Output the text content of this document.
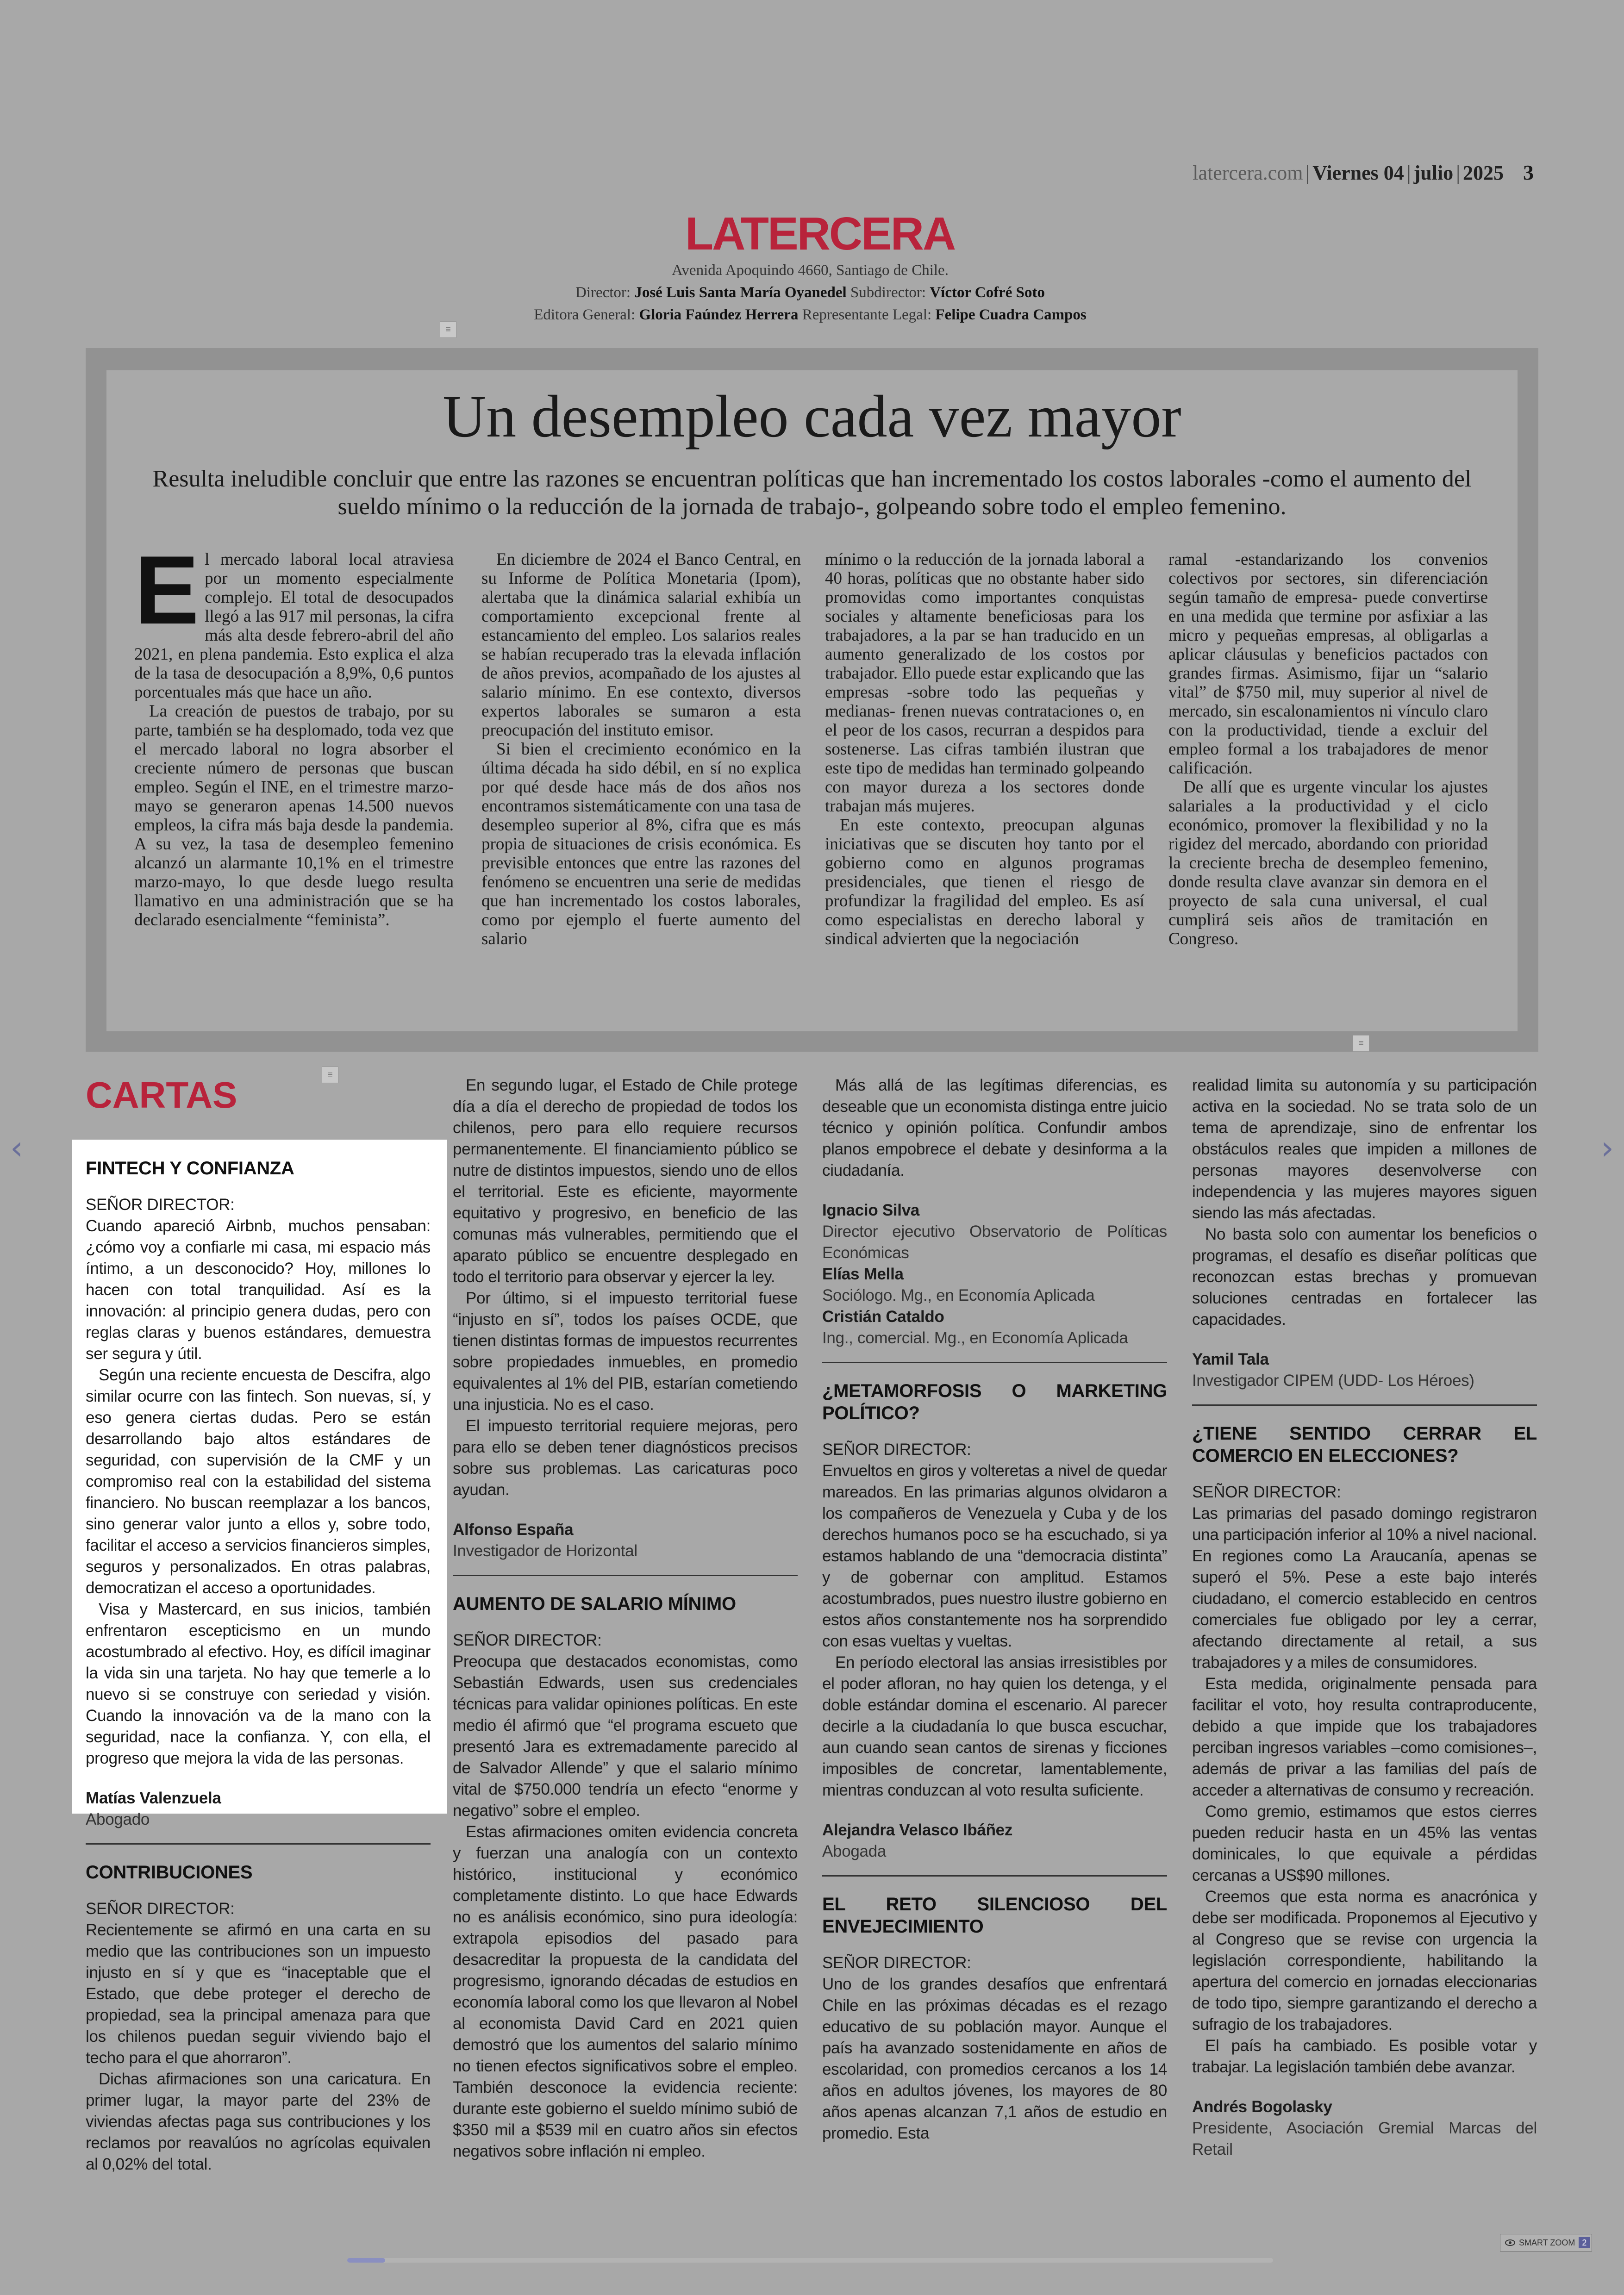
latercera.com | Viernes 04 | julio | 2025 3
LATERCERA
Avenida Apoquindo 4660, Santiago de Chile.
Director: José Luis Santa María Oyanedel Subdirector: Víctor Cofré Soto
Editora General: Gloria Faúndez Herrera Representante Legal: Felipe Cuadra Campos
≡
Un desempleo cada vez mayor
Resulta ineludible concluir que entre las razones se encuentran políticas que han incrementado los costos laborales -como el aumento del sueldo mínimo o la reducción de la jornada de trabajo-, golpeando sobre todo el empleo femenino.
E l mercado laboral local atraviesa por un momento especialmente complejo. El total de desocupados llegó a las 917 mil personas, la cifra más alta desde febrero-abril del año 2021, en plena pandemia. Esto explica el alza de la tasa de desocupación a 8,9%, 0,6 puntos porcentuales más que hace un año.

La creación de puestos de trabajo, por su parte, también se ha desplomado, toda vez que el mercado laboral no logra absorber el creciente número de personas que buscan empleo. Según el INE, en el trimestre marzo-mayo se generaron apenas 14.500 nuevos empleos, la cifra más baja desde la pandemia. A su vez, la tasa de desempleo femenino alcanzó un alarmante 10,1% en el trimestre marzo-mayo, lo que desde luego resulta llamativo en una administración que se ha declarado esencialmente “feminista”.

En diciembre de 2024 el Banco Central, en su Informe de Política Monetaria (Ipom), alertaba que la dinámica salarial exhibía un comportamiento excepcional frente al estancamiento del empleo. Los salarios reales se habían recuperado tras la elevada inflación de años previos, acompañado de los ajustes al salario mínimo. En ese contexto, diversos expertos laborales se sumaron a esta preocupación del instituto emisor.

Si bien el crecimiento económico en la última década ha sido débil, en sí no explica por qué desde hace más de dos años nos encontramos sistemáticamente con una tasa de desempleo superior al 8%, cifra que es más propia de situaciones de crisis económica. Es previsible entonces que entre las razones del fenómeno se encuentren una serie de medidas que han incrementado los costos laborales, como por ejemplo el fuerte aumento del salario

mínimo o la reducción de la jornada laboral a 40 horas, políticas que no obstante haber sido promovidas como importantes conquistas sociales y altamente beneficiosas para los trabajadores, a la par se han traducido en un aumento generalizado de los costos por trabajador. Ello puede estar explicando que las empresas -sobre todo las pequeñas y medianas- frenen nuevas contrataciones o, en el peor de los casos, recurran a despidos para sostenerse. Las cifras también ilustran que este tipo de medidas han terminado golpeando con mayor dureza a los sectores donde trabajan más mujeres.

En este contexto, preocupan algunas iniciativas que se discuten hoy tanto por el gobierno como en algunos programas presidenciales, que tienen el riesgo de profundizar la fragilidad del empleo. Es así como especialistas en derecho laboral y sindical advierten que la negociación

ramal -estandarizando los convenios colectivos por sectores, sin diferenciación según tamaño de empresa- puede convertirse en una medida que termine por asfixiar a las micro y pequeñas empresas, al obligarlas a aplicar cláusulas y beneficios pactados con grandes firmas. Asimismo, fijar un “salario vital” de $750 mil, muy superior al nivel de mercado, sin escalonamientos ni vínculo claro con la productividad, tiende a excluir del empleo formal a los trabajadores de menor calificación.

De allí que es urgente vincular los ajustes salariales a la productividad y el ciclo económico, promover la flexibilidad y no la rigidez del mercado, abordando con prioridad la creciente brecha de desempleo femenino, donde resulta clave avanzar sin demora en el proyecto de sala cuna universal, el cual cumplirá seis años de tramitación en Congreso.

≡
CARTAS	≡

FINTECH Y CONFIANZA

SEÑOR DIRECTOR:

Cuando apareció Airbnb, muchos pensaban: ¿cómo voy a confiarle mi casa, mi espacio más íntimo, a un desconocido? Hoy, millones lo hacen con total tranquilidad. Así es la innovación: al principio genera dudas, pero con reglas claras y buenos estándares, demuestra ser segura y útil.

Según una reciente encuesta de Descifra, algo similar ocurre con las fintech. Son nuevas, sí, y eso genera ciertas dudas. Pero se están desarrollando bajo altos estándares de seguridad, con supervisión de la CMF y un compromiso real con la estabilidad del sistema financiero. No buscan reemplazar a los bancos, sino generar valor junto a ellos y, sobre todo, facilitar el acceso a servicios financieros simples, seguros y personalizados. En otras palabras, democratizan el acceso a oportunidades.

Visa y Mastercard, en sus inicios, también enfrentaron escepticismo en un mundo acostumbrado al efectivo. Hoy, es difícil imaginar la vida sin una tarjeta. No hay que temerle a lo nuevo si se construye con seriedad y visión. Cuando la innovación va de la mano con la seguridad, nace la confianza. Y, con ella, el progreso que mejora la vida de las personas.

Matías Valenzuela

Abogado

CONTRIBUCIONES

SEÑOR DIRECTOR:

Recientemente se afirmó en una carta en su medio que las contribuciones son un impuesto injusto en sí y que es “inaceptable que el Estado, que debe proteger el derecho de propiedad, sea la principal amenaza para que los chilenos puedan seguir viviendo bajo el techo para el que ahorraron”.

Dichas afirmaciones son una caricatura. En primer lugar, la mayor parte del 23% de viviendas afectas paga sus contribuciones y los reclamos por reavalúos no agrícolas equivalen al 0,02% del total.

En segundo lugar, el Estado de Chile protege día a día el derecho de propiedad de todos los chilenos, pero para ello requiere recursos permanentemente. El financiamiento público se nutre de distintos impuestos, siendo uno de ellos el territorial. Este es eficiente, mayormente equitativo y progresivo, en beneficio de las comunas más vulnerables, permitiendo que el aparato público se encuentre desplegado en todo el territorio para observar y ejercer la ley.

Por último, si el impuesto territorial fuese “injusto en sí”, todos los países OCDE, que tienen distintas formas de impuestos recurrentes sobre propiedades inmuebles, en promedio equivalentes al 1% del PIB, estarían cometiendo una injusticia. No es el caso.

El impuesto territorial requiere mejoras, pero para ello se deben tener diagnósticos precisos sobre sus problemas. Las caricaturas poco ayudan.

Alfonso España

Investigador de Horizontal

AUMENTO DE SALARIO MÍNIMO

SEÑOR DIRECTOR:

Preocupa que destacados economistas, como Sebastián Edwards, usen sus credenciales técnicas para validar opiniones políticas. En este medio él afirmó que “el programa escueto que presentó Jara es extremadamente parecido al de Salvador Allende” y que el salario mínimo vital de $750.000 tendría un efecto “enorme y negativo” sobre el empleo.

Estas afirmaciones omiten evidencia concreta y fuerzan una analogía con un contexto histórico, institucional y económico completamente distinto. Lo que hace Edwards no es análisis económico, sino pura ideología: extrapola episodios del pasado para desacreditar la propuesta de la candidata del progresismo, ignorando décadas de estudios en economía laboral como los que llevaron al Nobel al economista David Card en 2021 quien demostró que los aumentos del salario mínimo no tienen efectos significativos sobre el empleo. También desconoce la evidencia reciente: durante este gobierno el sueldo mínimo subió de $350 mil a $539 mil en cuatro años sin efectos negativos sobre inflación ni empleo.

Más allá de las legítimas diferencias, es deseable que un economista distinga entre juicio técnico y opinión política. Confundir ambos planos empobrece el debate y desinforma a la ciudadanía.

Ignacio Silva

Director ejecutivo Observatorio de Políticas Económicas

Elías Mella

Sociólogo. Mg., en Economía Aplicada

Cristián Cataldo

Ing., comercial. Mg., en Economía Aplicada

¿METAMORFOSIS O MARKETING POLÍTICO?

SEÑOR DIRECTOR:

Envueltos en giros y volteretas a nivel de quedar mareados. En las primarias algunos olvidaron a los compañeros de Venezuela y Cuba y de los derechos humanos poco se ha escuchado, si ya estamos hablando de una “democracia distinta” y de gobernar con amplitud. Estamos acostumbrados, pues nuestro ilustre gobierno en estos años constantemente nos ha sorprendido con esas vueltas y vueltas.

En período electoral las ansias irresistibles por el poder afloran, no hay quien los detenga, y el doble estándar domina el escenario. Al parecer decirle a la ciudadanía lo que busca escuchar, aun cuando sean cantos de sirenas y ficciones imposibles de concretar, lamentablemente, mientras conduzcan al voto resulta suficiente.

Alejandra Velasco Ibáñez

Abogada

EL RETO SILENCIOSO DEL ENVEJECIMIENTO

SEÑOR DIRECTOR:

Uno de los grandes desafíos que enfrentará Chile en las próximas décadas es el rezago educativo de su población mayor. Aunque el país ha avanzado sostenidamente en años de escolaridad, con promedios cercanos a los 14 años en adultos jóvenes, los mayores de 80 años apenas alcanzan 7,1 años de estudio en promedio. Esta

realidad limita su autonomía y su participación activa en la sociedad. No se trata solo de un tema de aprendizaje, sino de enfrentar los obstáculos reales que impiden a millones de personas mayores desenvolverse con independencia y las mujeres mayores siguen siendo las más afectadas.

No basta solo con aumentar los beneficios o programas, el desafío es diseñar políticas que reconozcan estas brechas y promuevan soluciones centradas en fortalecer las capacidades.

Yamil Tala

Investigador CIPEM (UDD- Los Héroes)

¿TIENE SENTIDO CERRAR EL COMERCIO EN ELECCIONES?

SEÑOR DIRECTOR:

Las primarias del pasado domingo registraron una participación inferior al 10% a nivel nacional. En regiones como La Araucanía, apenas se superó el 5%. Pese a este bajo interés ciudadano, el comercio establecido en centros comerciales fue obligado por ley a cerrar, afectando directamente al retail, a sus trabajadores y a miles de consumidores.

Esta medida, originalmente pensada para facilitar el voto, hoy resulta contraproducente, debido a que impide que los trabajadores perciban ingresos variables –como comisiones–, además de privar a las familias del país de acceder a alternativas de consumo y recreación.

Como gremio, estimamos que estos cierres pueden reducir hasta en un 45% las ventas dominicales, lo que equivale a pérdidas cercanas a US$90 millones.

Creemos que esta norma es anacrónica y debe ser modificada. Proponemos al Ejecutivo y al Congreso que se revise con urgencia la legislación correspondiente, habilitando la apertura del comercio en jornadas eleccionarias de todo tipo, siempre garantizando el derecho a sufragio de los trabajadores.

El país ha cambiado. Es posible votar y trabajar. La legislación también debe avanzar.

Andrés Bogolasky

Presidente, Asociación Gremial Marcas del Retail

‹	›
SMART ZOOM 2
